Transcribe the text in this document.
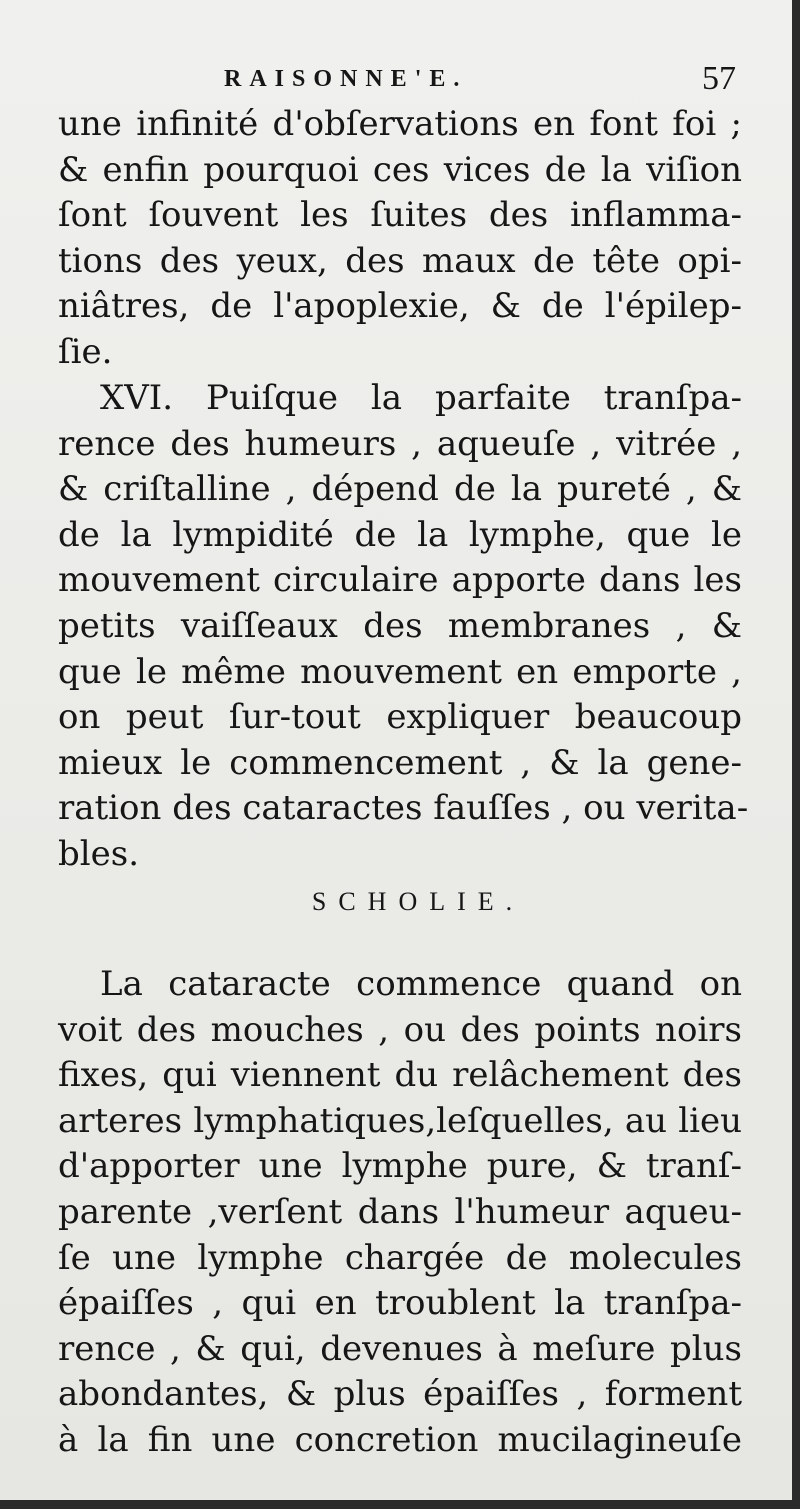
RAISONNE'E.	57
une infinité d'obſervations en font foi ;
& enfin pourquoi ces vices de la viſion
ſont ſouvent les ſuites des inflamma-
tions des yeux, des maux de tête opi-
niâtres, de l'apoplexie, & de l'épilep-
ſie.
XVI. Puiſque la parfaite tranſpa-
rence des humeurs , aqueuſe , vitrée ,
& criſtalline , dépend de la pureté , &
de la lympidité de la lymphe, que le
mouvement circulaire apporte dans les
petits vaiſſeaux des membranes , &
que le même mouvement en emporte ,
on peut ſur-tout expliquer beaucoup
mieux le commencement , & la gene-
ration des cataractes fauſſes , ou verita-
bles.
SCHOLIE.
La cataracte commence quand on
voit des mouches , ou des points noirs
fixes, qui viennent du relâchement des
arteres lymphatiques,leſquelles, au lieu
d'apporter une lymphe pure, & tranſ-
parente ,verſent dans l'humeur aqueu-
ſe une lymphe chargée de molecules
épaiſſes , qui en troublent la tranſpa-
rence , & qui, devenues à meſure plus
abondantes, & plus épaiſſes , forment
à la fin une concretion mucilagineuſe
